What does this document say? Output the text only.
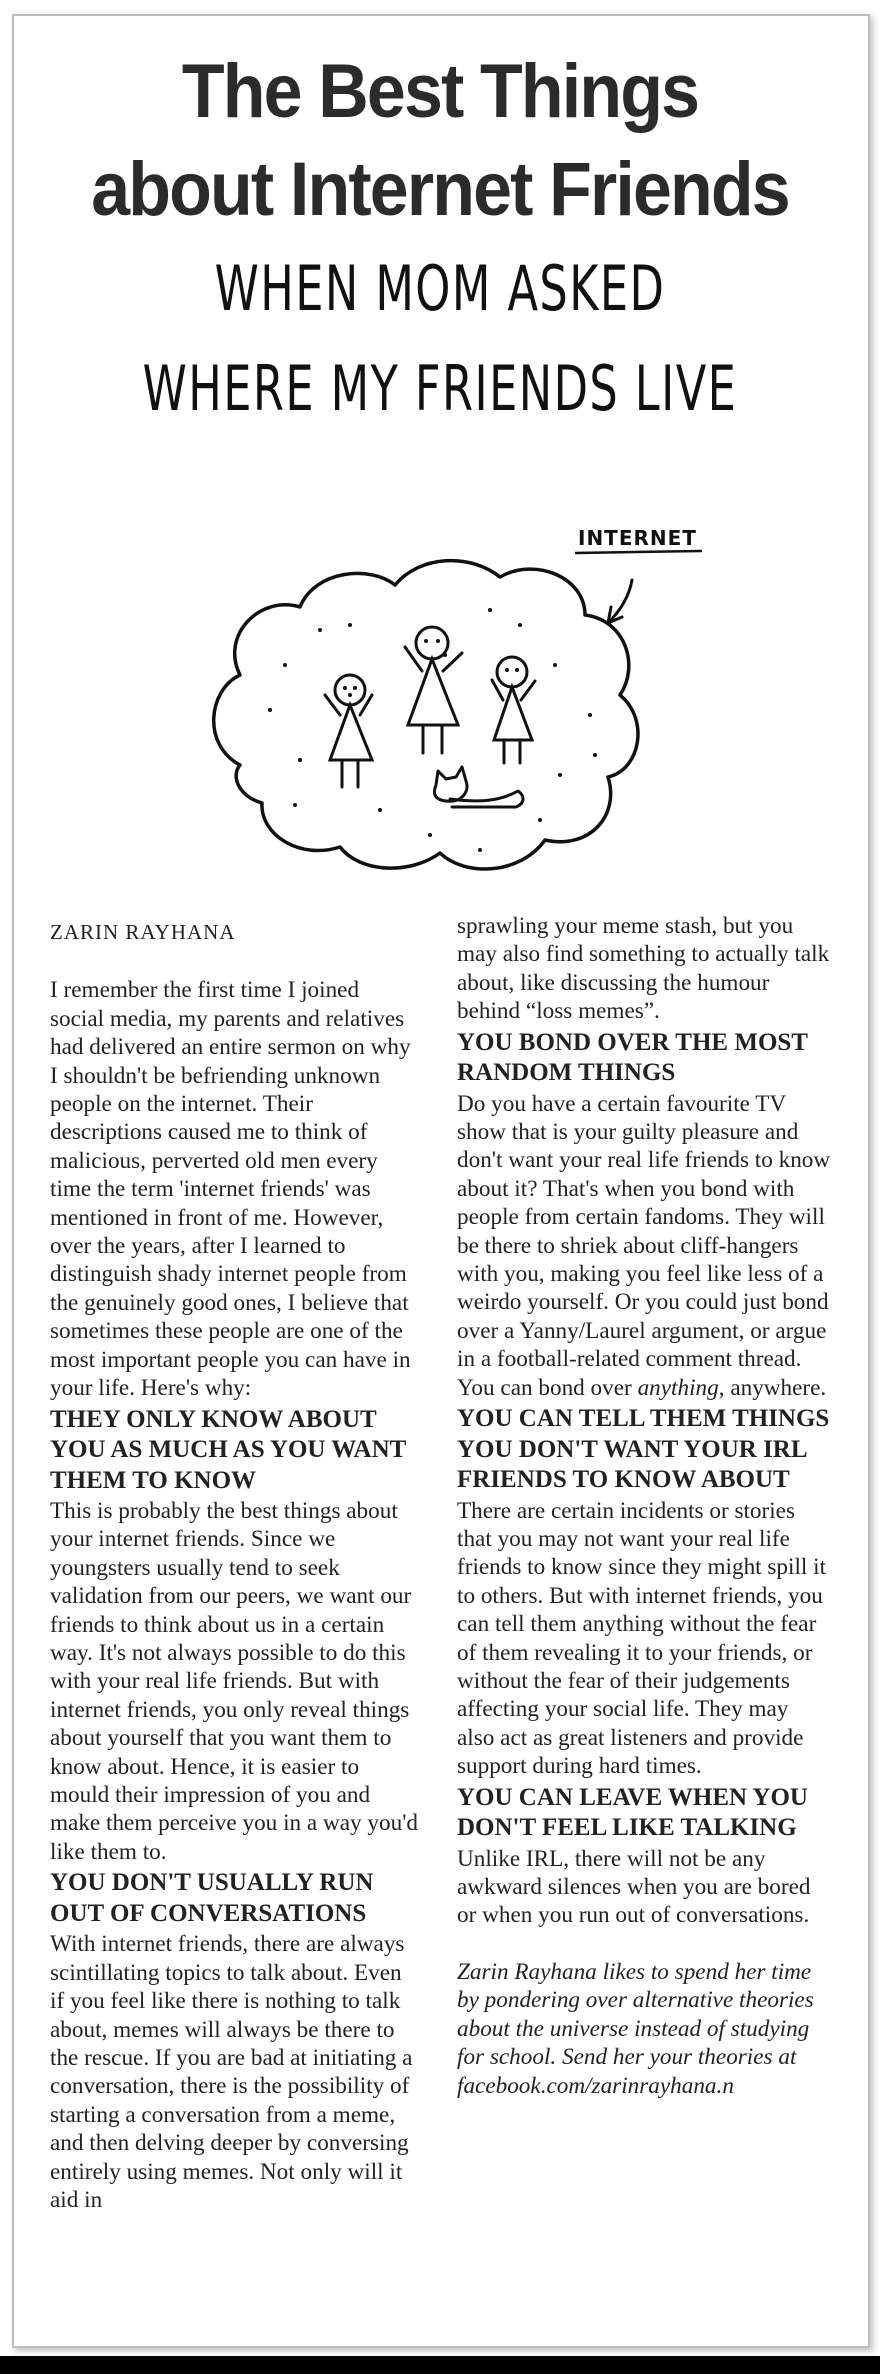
The Best Things
about Internet Friends
WHEN MOM ASKED
WHERE MY FRIENDS LIVE
INTERNET
ZARIN RAYHANA

I remember the first time I joined social media, my parents and relatives had delivered an entire sermon on why I shouldn't be befriending unknown people on the internet. Their descriptions caused me to think of malicious, perverted old men every time the term 'internet friends' was mentioned in front of me. However, over the years, after I learned to distinguish shady internet people from the genuinely good ones, I believe that sometimes these people are one of the most important people you can have in your life. Here's why:

THEY ONLY KNOW ABOUT YOU AS MUCH AS YOU WANT THEM TO KNOW

This is probably the best things about your internet friends. Since we youngsters usually tend to seek validation from our peers, we want our friends to think about us in a certain way. It's not always possible to do this with your real life friends. But with internet friends, you only reveal things about yourself that you want them to know about. Hence, it is easier to mould their impression of you and make them perceive you in a way you'd like them to.

YOU DON'T USUALLY RUN OUT OF CONVERSATIONS

With internet friends, there are always scintillating topics to talk about. Even if you feel like there is nothing to talk about, memes will always be there to the rescue. If you are bad at initiating a conversation, there is the possibility of starting a conversation from a meme, and then delving deeper by conversing entirely using memes. Not only will it aid in

sprawling your meme stash, but you may also find something to actually talk about, like discussing the humour behind “loss memes”.

YOU BOND OVER THE MOST RANDOM THINGS

Do you have a certain favourite TV show that is your guilty pleasure and don't want your real life friends to know about it? That's when you bond with people from certain fandoms. They will be there to shriek about cliff-hangers with you, making you feel like less of a weirdo yourself. Or you could just bond over a Yanny/Laurel argument, or argue in a football-related comment thread. You can bond over anything, anywhere.

YOU CAN TELL THEM THINGS YOU DON'T WANT YOUR IRL FRIENDS TO KNOW ABOUT

There are certain incidents or stories that you may not want your real life friends to know since they might spill it to others. But with internet friends, you can tell them anything without the fear of them revealing it to your friends, or without the fear of their judgements affecting your social life. They may also act as great listeners and provide support during hard times.

YOU CAN LEAVE WHEN YOU DON'T FEEL LIKE TALKING

Unlike IRL, there will not be any awkward silences when you are bored or when you run out of conversations.

Zarin Rayhana likes to spend her time by pondering over alternative theories about the universe instead of studying for school. Send her your theories at facebook.com/zarinrayhana.n
